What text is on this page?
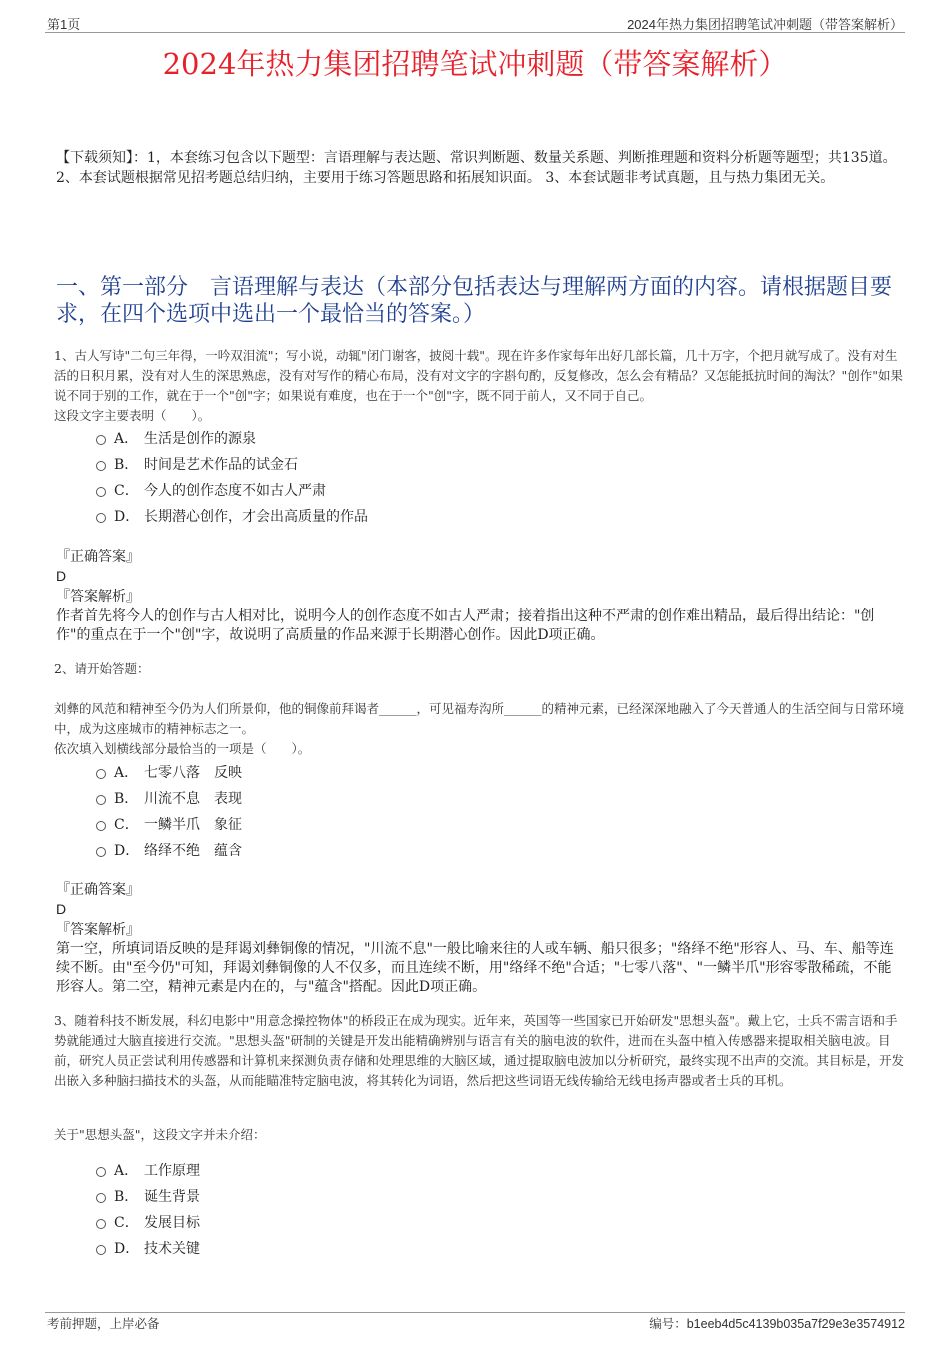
第1页	2024年热力集团招聘笔试冲刺题（带答案解析）
2024年热力集团招聘笔试冲刺题（带答案解析）
【下载须知】：1，本套练习包含以下题型：言语理解与表达题、常识判断题、数量关系题、判断推理题和资料分析题等题型；共135道。 2、本套试题根据常见招考题总结归纳，主要用于练习答题思路和拓展知识面。 3、本套试题非考试真题，且与热力集团无关。
一、第一部分　言语理解与表达（本部分包括表达与理解两方面的内容。请根据题目要求，在四个选项中选出一个最恰当的答案。）
1、古人写诗"二句三年得，一吟双泪流"；写小说，动辄"闭门谢客，披阅十载"。现在许多作家每年出好几部长篇，几十万字，个把月就写成了。没有对生活的日积月累，没有对人生的深思熟虑，没有对写作的精心布局，没有对文字的字斟句酌，反复修改，怎么会有精品？又怎能抵抗时间的淘汰？"创作"如果说不同于别的工作，就在于一个"创"字；如果说有难度，也在于一个"创"字，既不同于前人，又不同于自己。
这段文字主要表明（　　）。
A． 生活是创作的源泉
B． 时间是艺术作品的试金石
C． 今人的创作态度不如古人严肃
D． 长期潜心创作，才会出高质量的作品
『正确答案』
D
『答案解析』
作者首先将今人的创作与古人相对比，说明今人的创作态度不如古人严肃；接着指出这种不严肃的创作难出精品，最后得出结论："创作"的重点在于一个"创"字，故说明了高质量的作品来源于长期潜心创作。因此D项正确。
2、请开始答题：
刘彝的风范和精神至今仍为人们所景仰，他的铜像前拜谒者______，可见福寿沟所______的精神元素，已经深深地融入了今天普通人的生活空间与日常环境中，成为这座城市的精神标志之一。
依次填入划横线部分最恰当的一项是（　　）。
A． 七零八落　反映
B． 川流不息　表现
C． 一鳞半爪　象征
D． 络绎不绝　蕴含
『正确答案』
D
『答案解析』
第一空，所填词语反映的是拜谒刘彝铜像的情况，"川流不息"一般比喻来往的人或车辆、船只很多；"络绎不绝"形容人、马、车、船等连续不断。由"至今仍"可知，拜谒刘彝铜像的人不仅多，而且连续不断，用"络绎不绝"合适；"七零八落"、"一鳞半爪"形容零散稀疏，不能形容人。第二空，精神元素是内在的，与"蕴含"搭配。因此D项正确。
3、随着科技不断发展，科幻电影中"用意念操控物体"的桥段正在成为现实。近年来，英国等一些国家已开始研发"思想头盔"。戴上它，士兵不需言语和手势就能通过大脑直接进行交流。"思想头盔"研制的关键是开发出能精确辨别与语言有关的脑电波的软件，进而在头盔中植入传感器来提取相关脑电波。目前，研究人员正尝试利用传感器和计算机来探测负责存储和处理思维的大脑区域，通过提取脑电波加以分析研究，最终实现不出声的交流。其目标是，开发出嵌入多种脑扫描技术的头盔，从而能瞄准特定脑电波，将其转化为词语，然后把这些词语无线传输给无线电扬声器或者士兵的耳机。
关于"思想头盔"，这段文字并未介绍：
A． 工作原理
B． 诞生背景
C． 发展目标
D． 技术关键
考前押题，上岸必备	编号：b1eeb4d5c4139b035a7f29e3e3574912
